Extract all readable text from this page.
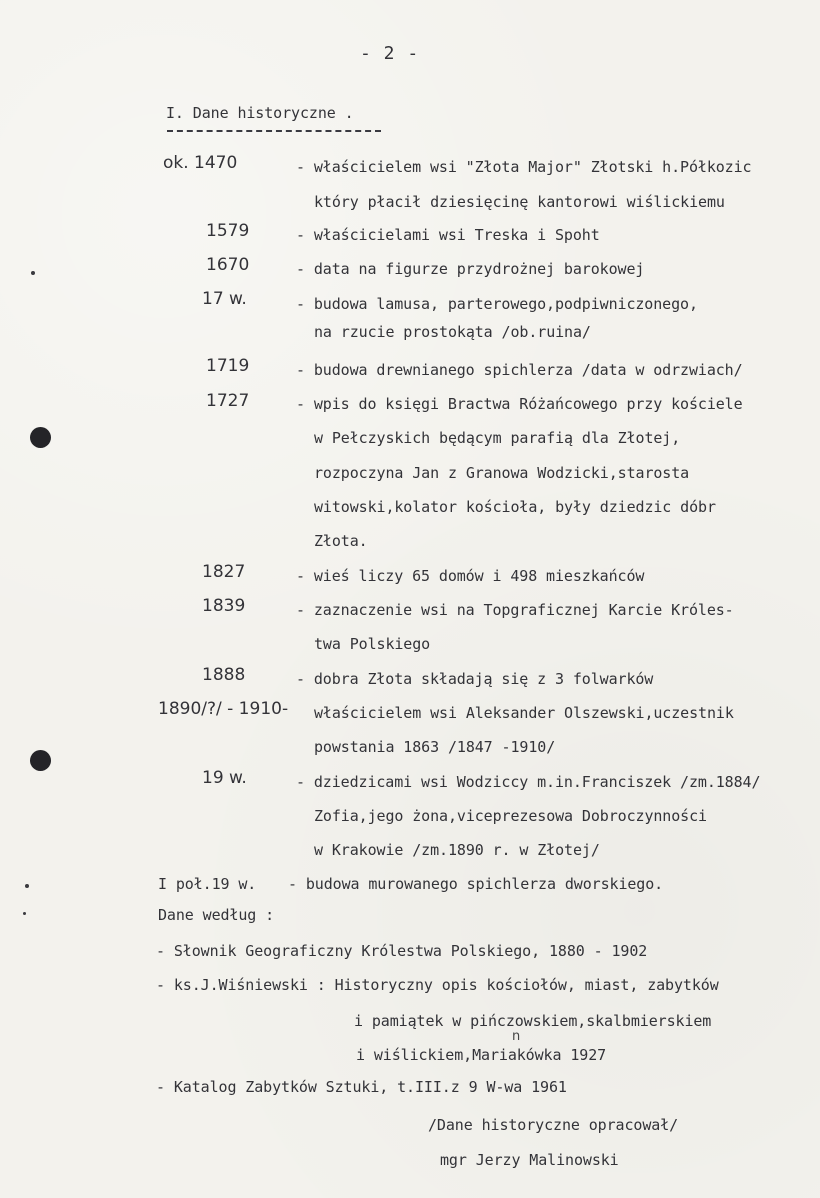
- 2 -
I. Dane historyczne .
ok. 1470	- właścicielem wsi "Złota Major" Złotski h.Półkozic
który płacił dziesięcinę kantorowi wiślickiemu
1579	- właścicielami wsi Treska i Spoht
1670	- data na figurze przydrożnej barokowej
17 w.	- budowa lamusa, parterowego,podpiwniczonego,
na rzucie prostokąta /ob.ruina/
1719	- budowa drewnianego spichlerza /data w odrzwiach/
1727	- wpis do księgi Bractwa Różańcowego przy kościele
w Pełczyskich będącym parafią dla Złotej,
rozpoczyna Jan z Granowa Wodzicki,starosta
witowski,kolator kościoła, były dziedzic dóbr
Złota.
1827	- wieś liczy 65 domów i 498 mieszkańców
1839	- zaznaczenie wsi na Topgraficznej Karcie Króles-
twa Polskiego
1888	- dobra Złota składają się z 3 folwarków
1890/?/ - 1910- właścicielem wsi Aleksander Olszewski,uczestnik
powstania 1863 /1847 -1910/
19 w.	- dziedzicami wsi Wodziccy m.in.Franciszek /zm.1884/
Zofia,jego żona,viceprezesowa Dobroczynności
w Krakowie /zm.1890 r. w Złotej/
I poł.19 w. - budowa murowanego spichlerza dworskiego.
Dane według :
- Słownik Geograficzny Królestwa Polskiego, 1880 - 1902
- ks.J.Wiśniewski : Historyczny opis kościołów, miast, zabytków
i pamiątek w pińczowskiem,skalbmierskiem
i wiślickiem,Mariakówka 1927
n
- Katalog Zabytków Sztuki, t.III.z 9 W-wa 1961
/Dane historyczne opracował/
mgr Jerzy Malinowski
